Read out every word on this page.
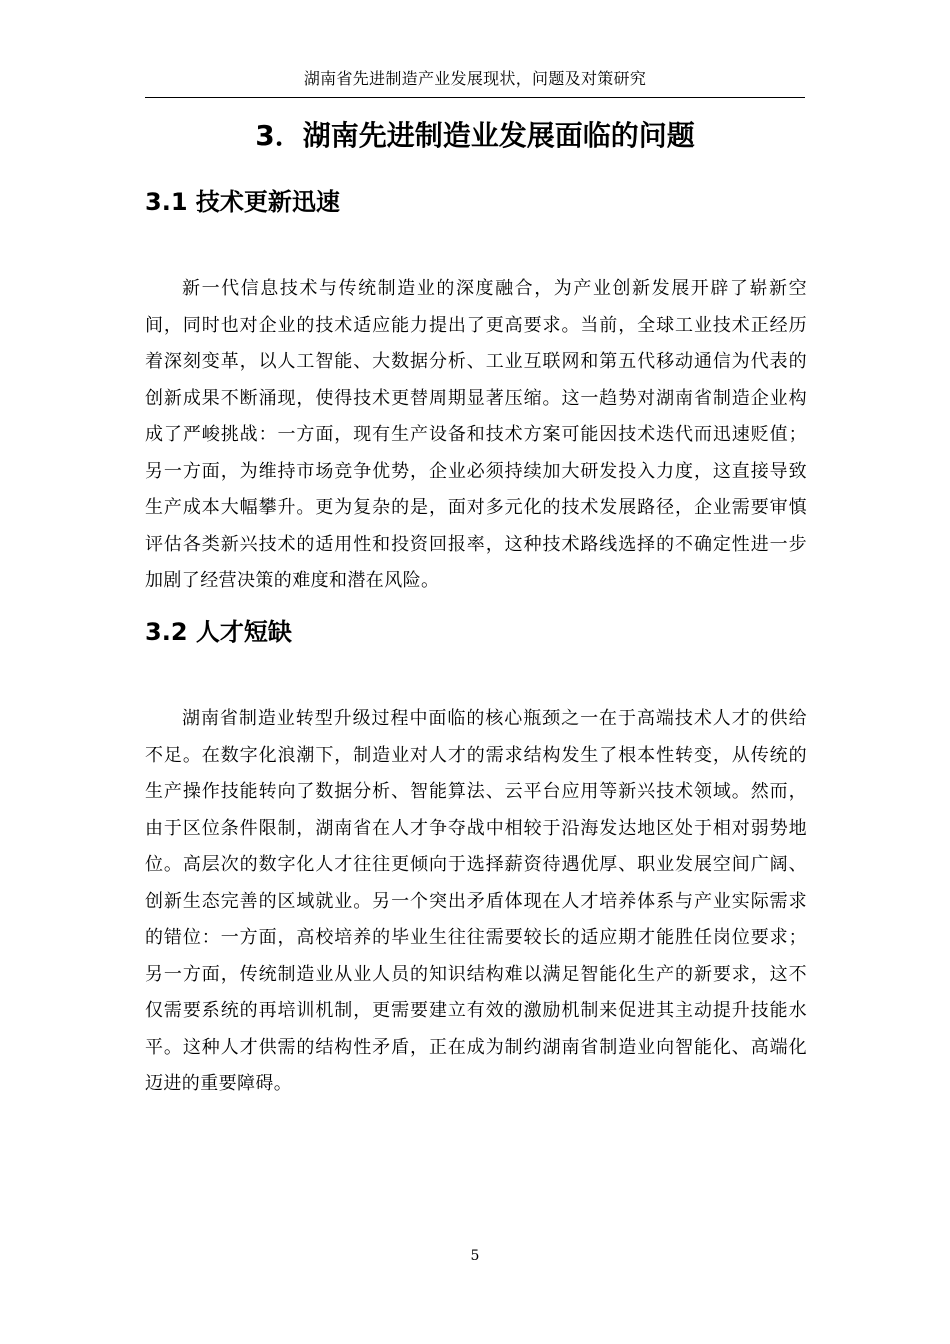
湖南省先进制造产业发展现状，问题及对策研究
3．湖南先进制造业发展面临的问题
3.1 技术更新迅速

新一代信息技术与传统制造业的深度融合，为产业创新发展开辟了崭新空间，同时也对企业的技术适应能力提出了更高要求。当前，全球工业技术正经历着深刻变革，以人工智能、大数据分析、工业互联网和第五代移动通信为代表的创新成果不断涌现，使得技术更替周期显著压缩。这一趋势对湖南省制造企业构成了严峻挑战：一方面，现有生产设备和技术方案可能因技术迭代而迅速贬值；另一方面，为维持市场竞争优势，企业必须持续加大研发投入力度，这直接导致生产成本大幅攀升。更为复杂的是，面对多元化的技术发展路径，企业需要审慎评估各类新兴技术的适用性和投资回报率，这种技术路线选择的不确定性进一步加剧了经营决策的难度和潜在风险。

3.2 人才短缺

湖南省制造业转型升级过程中面临的核心瓶颈之一在于高端技术人才的供给不足。在数字化浪潮下，制造业对人才的需求结构发生了根本性转变，从传统的生产操作技能转向了数据分析、智能算法、云平台应用等新兴技术领域。然而，由于区位条件限制，湖南省在人才争夺战中相较于沿海发达地区处于相对弱势地位。高层次的数字化人才往往更倾向于选择薪资待遇优厚、职业发展空间广阔、创新生态完善的区域就业。另一个突出矛盾体现在人才培养体系与产业实际需求的错位：一方面，高校培养的毕业生往往需要较长的适应期才能胜任岗位要求；另一方面，传统制造业从业人员的知识结构难以满足智能化生产的新要求，这不仅需要系统的再培训机制，更需要建立有效的激励机制来促进其主动提升技能水平。这种人才供需的结构性矛盾，正在成为制约湖南省制造业向智能化、高端化迈进的重要障碍。

5
